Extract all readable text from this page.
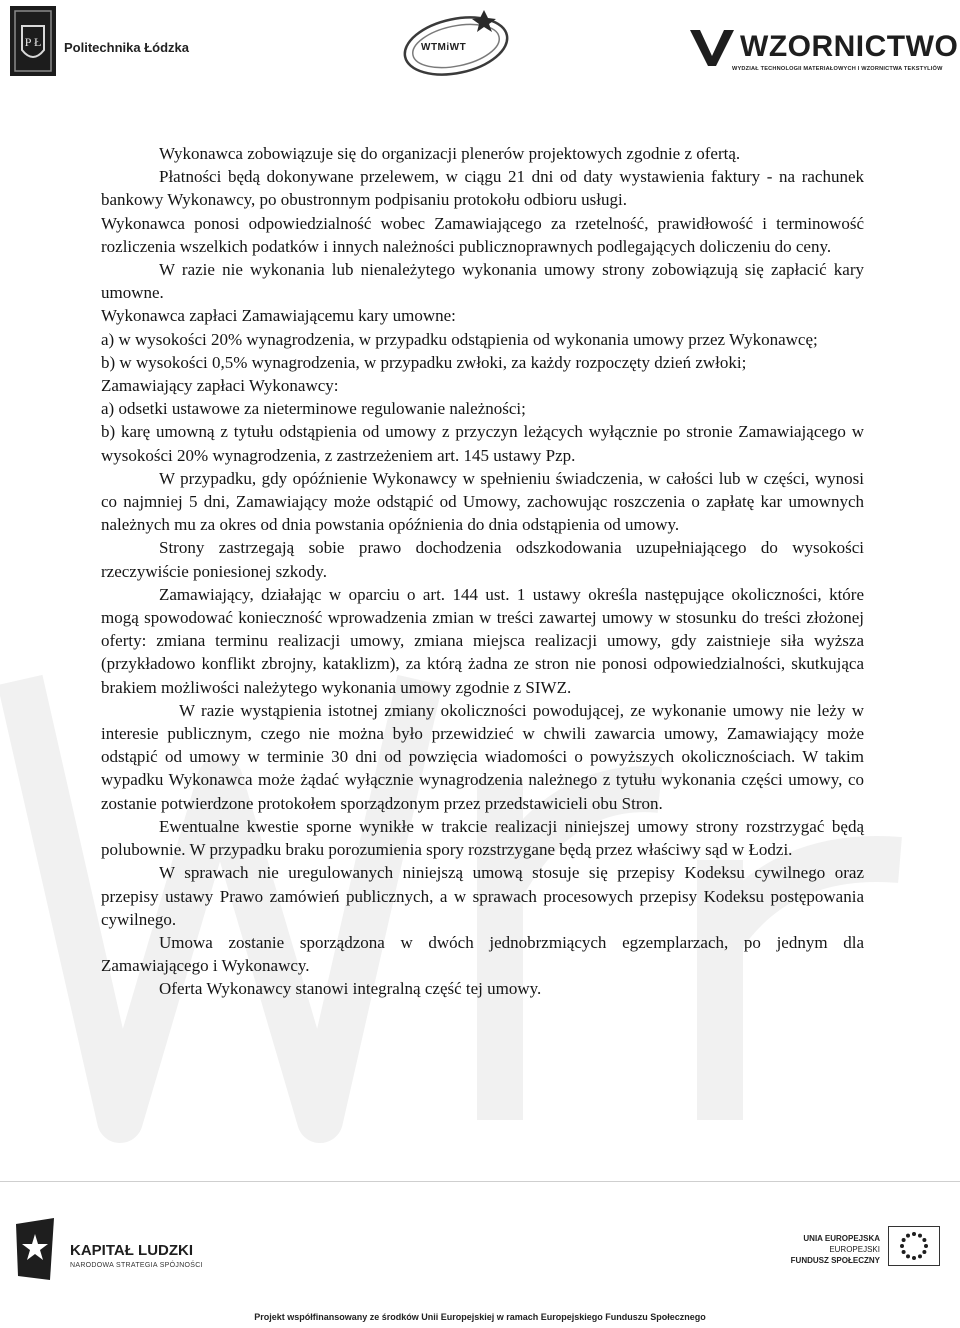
P Ł Politechnika Łódzka	WTMiWT	WZORNICTWO
WYDZIAŁ TECHNOLOGII MATERIAŁOWYCH I WZORNICTWA TEKSTYLIÓW

Wykonawca zobowiązuje się do organizacji plenerów projektowych zgodnie z ofertą.

Płatności będą dokonywane przelewem, w ciągu 21 dni od daty wystawienia faktury - na rachunek bankowy Wykonawcy, po obustronnym podpisaniu protokołu odbioru usługi.

Wykonawca ponosi odpowiedzialność wobec Zamawiającego za rzetelność, prawidłowość i terminowość rozliczenia wszelkich podatków i innych należności publicznoprawnych podlegających doliczeniu do ceny.

W razie nie wykonania lub nienależytego wykonania umowy strony zobowiązują się zapłacić kary umowne.

Wykonawca zapłaci Zamawiającemu kary umowne:

a) w wysokości 20% wynagrodzenia, w przypadku odstąpienia od wykonania umowy przez Wykonawcę;

b) w wysokości 0,5% wynagrodzenia, w przypadku zwłoki, za każdy rozpoczęty dzień zwłoki;

Zamawiający zapłaci Wykonawcy:

a) odsetki ustawowe za nieterminowe regulowanie należności;

b) karę umowną z tytułu odstąpienia od umowy z przyczyn leżących wyłącznie po stronie Zamawiającego w wysokości 20% wynagrodzenia, z zastrzeżeniem art. 145 ustawy Pzp.

W przypadku, gdy opóźnienie Wykonawcy w spełnieniu świadczenia, w całości lub w części, wynosi co najmniej 5 dni, Zamawiający może odstąpić od Umowy, zachowując roszczenia o zapłatę kar umownych należnych mu za okres od dnia powstania opóźnienia do dnia odstąpienia od umowy.

Strony zastrzegają sobie prawo dochodzenia odszkodowania uzupełniającego do wysokości rzeczywiście poniesionej szkody.

Zamawiający, działając w oparciu o art. 144 ust. 1 ustawy określa następujące okoliczności, które mogą spowodować konieczność wprowadzenia zmian w treści zawartej umowy w stosunku do treści złożonej oferty: zmiana terminu realizacji umowy, zmiana miejsca realizacji umowy, gdy zaistnieje siła wyższa (przykładowo konflikt zbrojny, kataklizm), za którą żadna ze stron nie ponosi odpowiedzialności, skutkująca brakiem możliwości należytego wykonania umowy zgodnie z SIWZ.

W razie wystąpienia istotnej zmiany okoliczności powodującej, ze wykonanie umowy nie leży w interesie publicznym, czego nie można było przewidzieć w chwili zawarcia umowy, Zamawiający może odstąpić od umowy w terminie 30 dni od powzięcia wiadomości o powyższych okolicznościach. W takim wypadku Wykonawca może żądać wyłącznie wynagrodzenia należnego z tytułu wykonania części umowy, co zostanie potwierdzone protokołem sporządzonym przez przedstawicieli obu Stron.

Ewentualne kwestie sporne wynikłe w trakcie realizacji niniejszej umowy strony rozstrzygać będą polubownie. W przypadku braku porozumienia spory rozstrzygane będą przez właściwy sąd w Łodzi.

W sprawach nie uregulowanych niniejszą umową stosuje się przepisy Kodeksu cywilnego oraz przepisy ustawy Prawo zamówień publicznych, a w sprawach procesowych przepisy Kodeksu postępowania cywilnego.

Umowa zostanie sporządzona w dwóch jednobrzmiących egzemplarzach, po jednym dla Zamawiającego i Wykonawcy.

Oferta Wykonawcy stanowi integralną część tej umowy.

KAPITAŁ LUDZKI
NARODOWA STRATEGIA SPÓJNOŚCI
UNIA EUROPEJSKA
EUROPEJSKI
FUNDUSZ SPOŁECZNY
Projekt współfinansowany ze środków Unii Europejskiej w ramach Europejskiego Funduszu Społecznego
